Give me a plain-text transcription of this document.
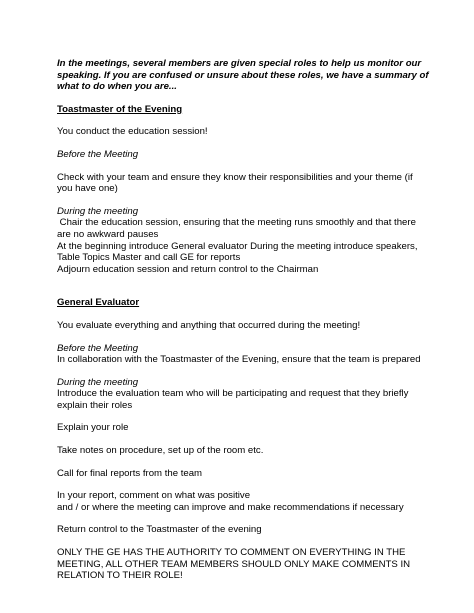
In the meetings, several members are given special roles to help us monitor our speaking. If you are confused or unsure about these roles, we have a summary of what to do when you are...

Toastmaster of the Evening

You conduct the education session!

Before the Meeting

Check with your team and ensure they know their responsibilities and your theme (if you have one)

During the meeting

Chair the education session, ensuring that the meeting runs smoothly and that there are no awkward pauses

At the beginning introduce General evaluator During the meeting introduce speakers, Table Topics Master and call GE for reports

Adjourn education session and return control to the Chairman

General Evaluator

You evaluate everything and anything that occurred during the meeting!

Before the Meeting

In collaboration with the Toastmaster of the Evening, ensure that the team is prepared

During the meeting

Introduce the evaluation team who will be participating and request that they briefly explain their roles

Explain your role

Take notes on procedure, set up of the room etc.

Call for final reports from the team

In your report, comment on what was positive

and / or where the meeting can improve and make recommendations if necessary

Return control to the Toastmaster of the evening

ONLY THE GE HAS THE AUTHORITY TO COMMENT ON EVERYTHING IN THE MEETING, ALL OTHER TEAM MEMBERS SHOULD ONLY MAKE COMMENTS IN RELATION TO THEIR ROLE!
